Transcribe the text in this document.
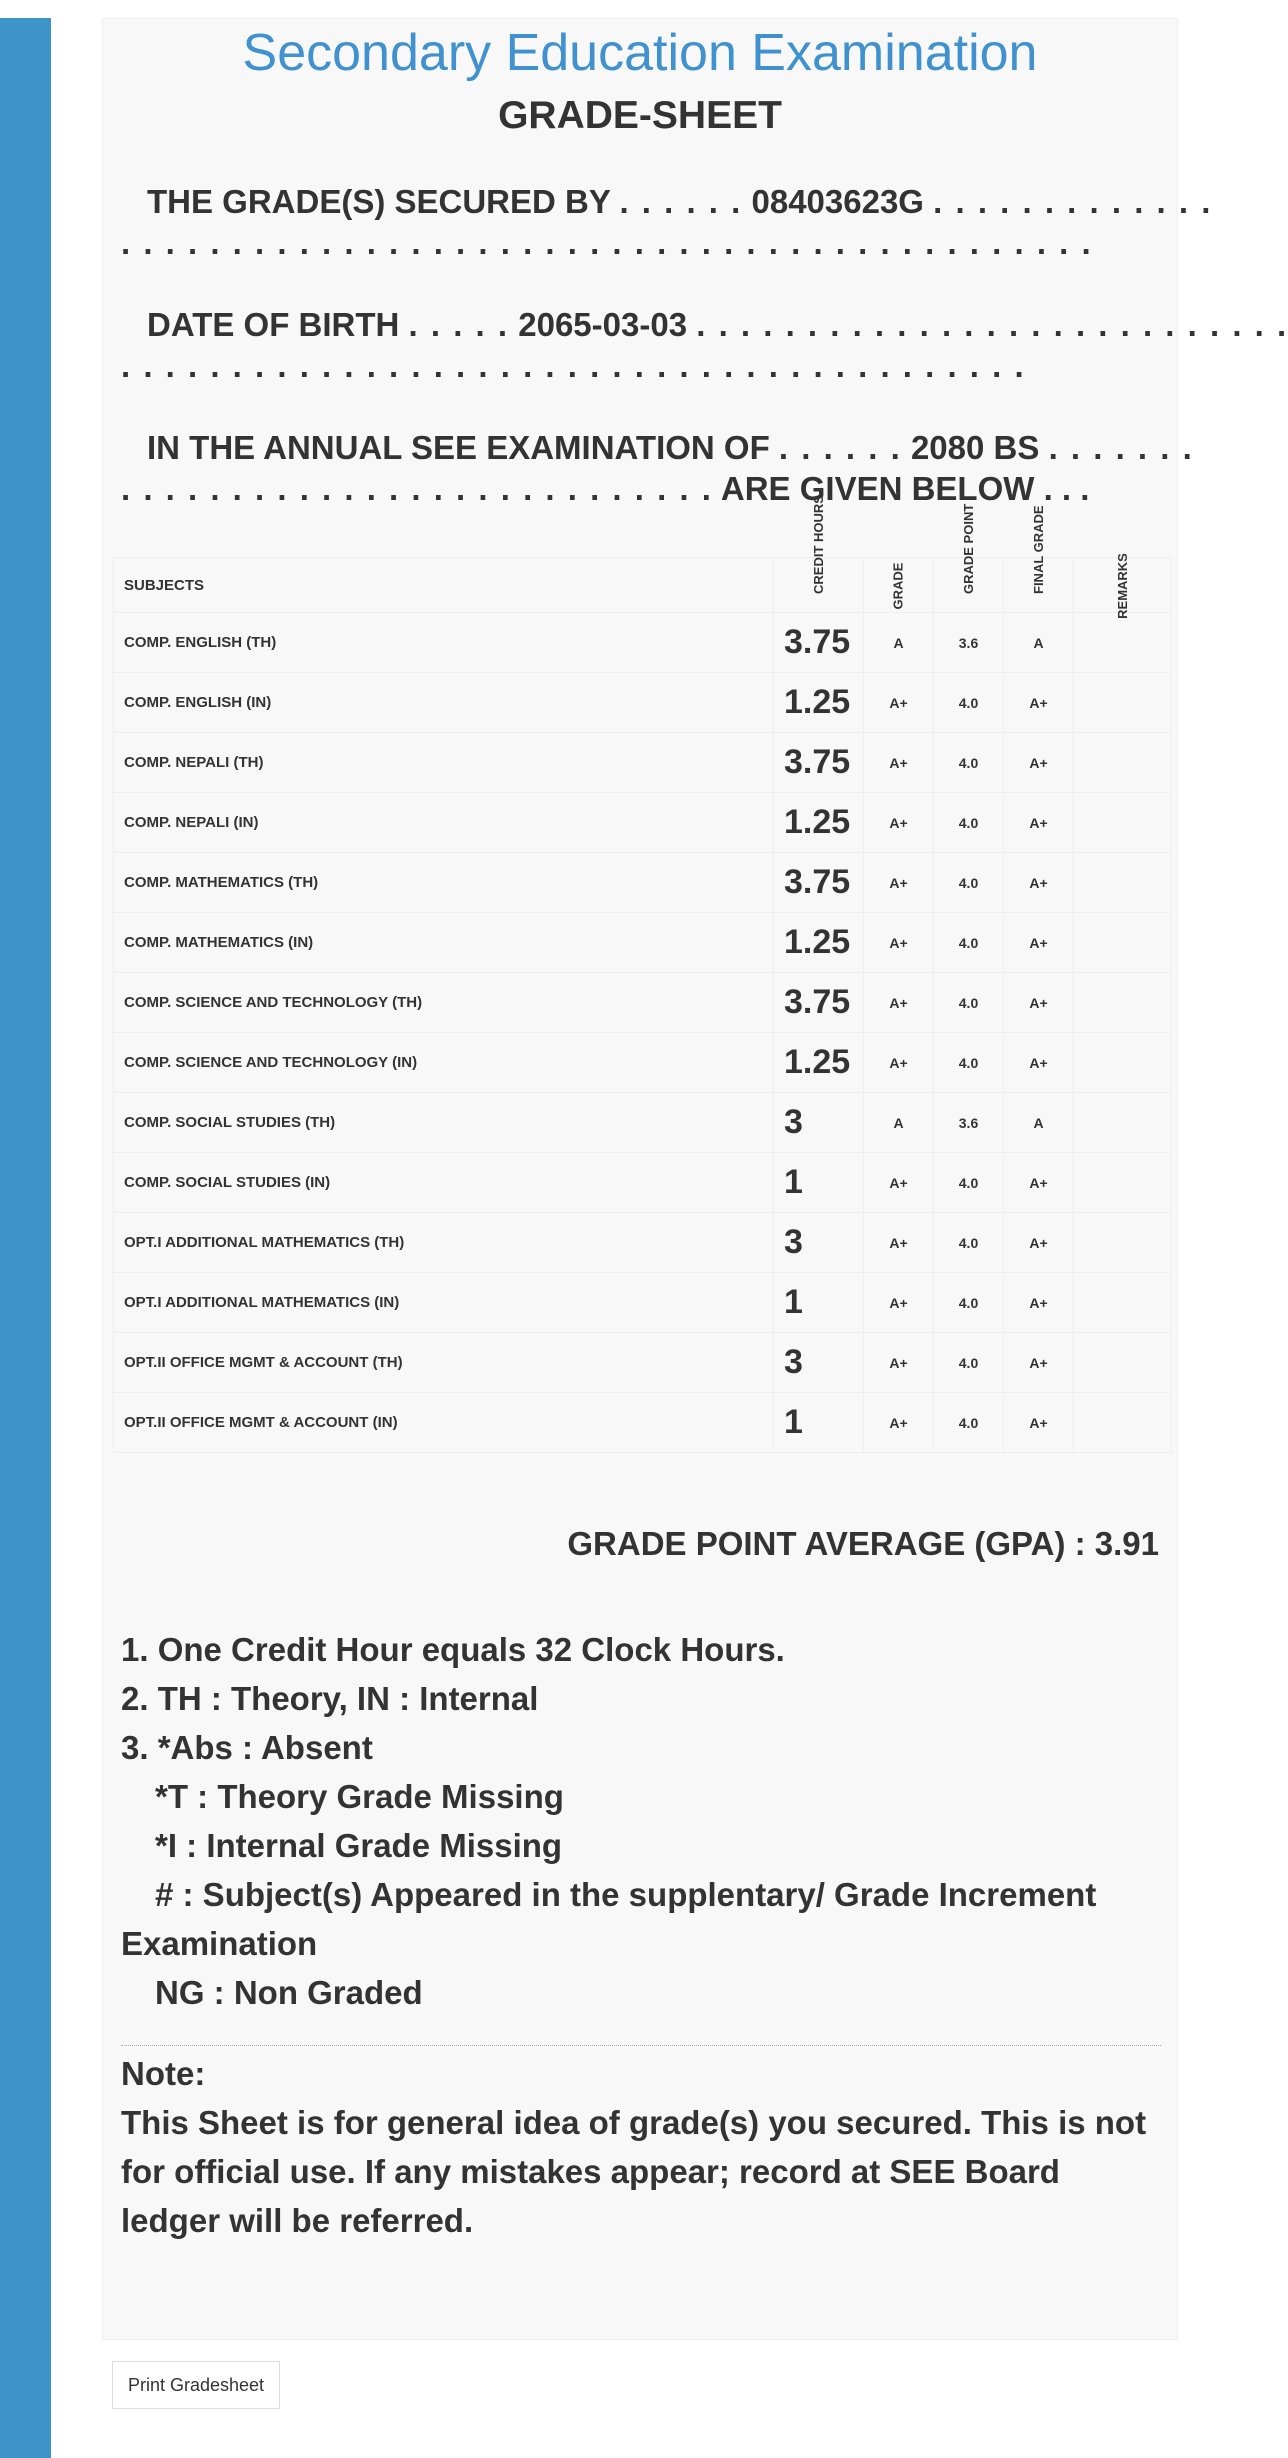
Secondary Education Examination
GRADE-SHEET
THE GRADE(S) SECURED BY . . . . . . 08403623G . . . . . . . . . . . . .
. . . . . . . . . . . . . . . . . . . . . . . . . . . . . . . . . . . . . . . . . . . .
DATE OF BIRTH . . . . . 2065-03-03 . . . . . . . . . . . . . . . . . . . . . . . . . . .
. . . . . . . . . . . . . . . . . . . . . . . . . . . . . . . . . . . . . . . . .
IN THE ANNUAL SEE EXAMINATION OF . . . . . . 2080 BS . . . . . . .
. . . . . . . . . . . . . . . . . . . . . . . . . . . ARE GIVEN BELOW . . .
SUBJECTS	CREDIT HOURS	GRADE	GRADE POINT	FINAL GRADE	REMARKS
COMP. ENGLISH (TH)	3.75	A	3.6	A	
COMP. ENGLISH (IN)	1.25	A+	4.0	A+	
COMP. NEPALI (TH)	3.75	A+	4.0	A+	
COMP. NEPALI (IN)	1.25	A+	4.0	A+	
COMP. MATHEMATICS (TH)	3.75	A+	4.0	A+	
COMP. MATHEMATICS (IN)	1.25	A+	4.0	A+	
COMP. SCIENCE AND TECHNOLOGY (TH)	3.75	A+	4.0	A+	
COMP. SCIENCE AND TECHNOLOGY (IN)	1.25	A+	4.0	A+	
COMP. SOCIAL STUDIES (TH)	3	A	3.6	A	
COMP. SOCIAL STUDIES (IN)	1	A+	4.0	A+	
OPT.I ADDITIONAL MATHEMATICS (TH)	3	A+	4.0	A+	
OPT.I ADDITIONAL MATHEMATICS (IN)	1	A+	4.0	A+	
OPT.II OFFICE MGMT & ACCOUNT (TH)	3	A+	4.0	A+	
OPT.II OFFICE MGMT & ACCOUNT (IN)	1	A+	4.0	A+	
GRADE POINT AVERAGE (GPA) : 3.91
1. One Credit Hour equals 32 Clock Hours.
2. TH : Theory, IN : Internal
3. *Abs : Absent
*T : Theory Grade Missing
*I : Internal Grade Missing
# : Subject(s) Appeared in the supplentary/ Grade Increment
Examination
NG : Non Graded
Note:
This Sheet is for general idea of grade(s) you secured. This is not for official use. If any mistakes appear; record at SEE Board ledger will be referred.
Print Gradesheet
